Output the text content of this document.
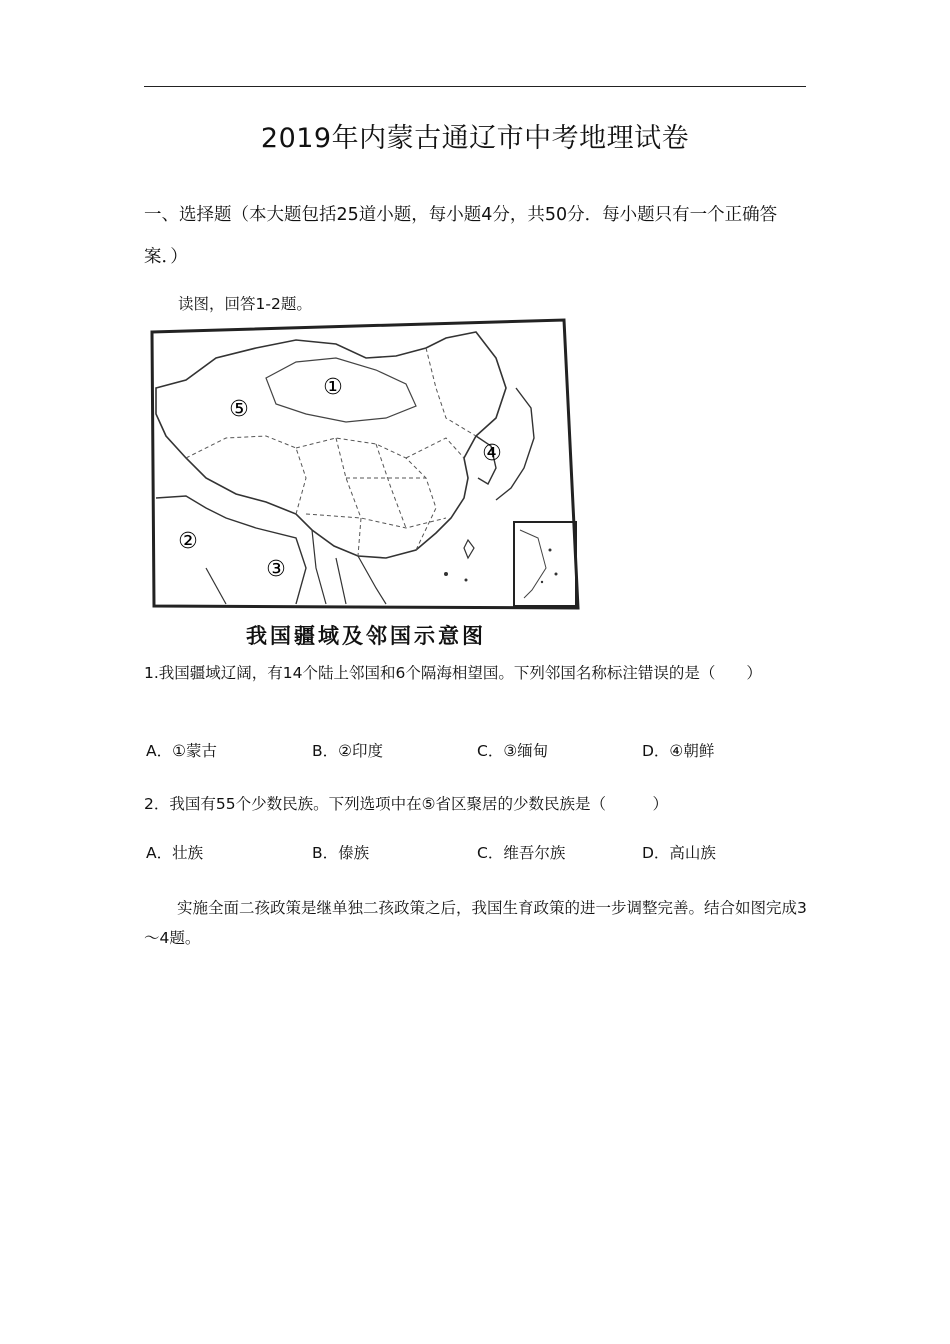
2019年内蒙古通辽市中考地理试卷
一、选择题（本大题包括25道小题，每小题4分，共50分．每小题只有一个正确答案．）
读图，回答1-2题。
①
②
③
④
⑤
我国疆域及邻国示意图
1.我国疆域辽阔，有14个陆上邻国和6个隔海相望国。下列邻国名称标注错误的是（　　）
A．①蒙古	B．②印度	C．③缅甸	D．④朝鲜
2．我国有55个少数民族。下列选项中在⑤省区聚居的少数民族是（　　　）
A．壮族	B．傣族	C．维吾尔族	D．高山族
实施全面二孩政策是继单独二孩政策之后，我国生育政策的进一步调整完善。结合如图完成3～4题。
